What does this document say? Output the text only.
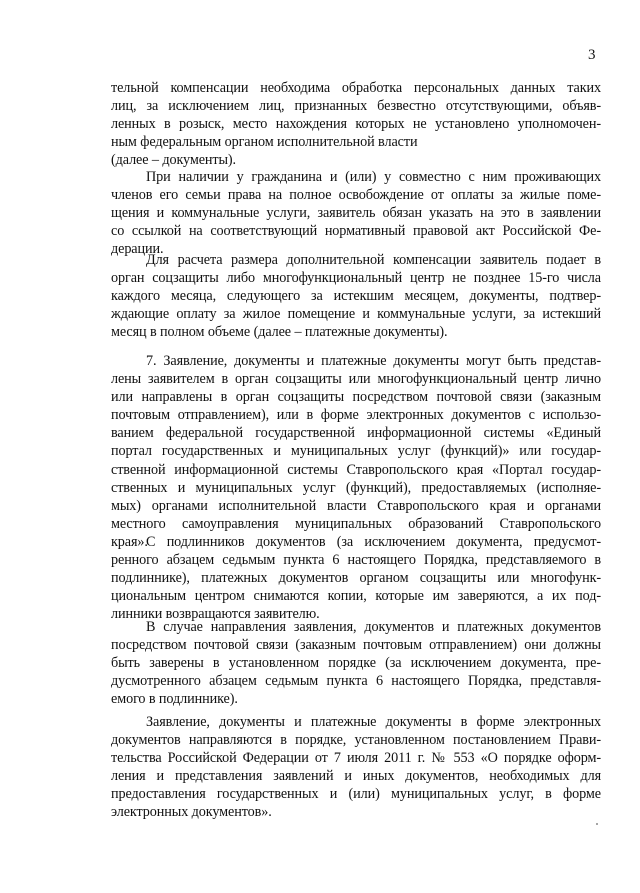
3
тельной компенсации необходима обработка персональных данных таких
лиц, за исключением лиц, признанных безвестно отсутствующими, объяв-
ленных в розыск, место нахождения которых не установлено уполномочен-
ным федеральным органом исполнительной власти
(далее – документы).
При наличии у гражданина и (или) у совместно с ним проживающих
членов его семьи права на полное освобождение от оплаты за жилые поме-
щения и коммунальные услуги, заявитель обязан указать на это в заявлении
со ссылкой на соответствующий нормативный правовой акт Российской Фе-
дерации.
Для расчета размера дополнительной компенсации заявитель подает в
орган соцзащиты либо многофункциональный центр не позднее 15-го числа
каждого месяца, следующего за истекшим месяцем, документы, подтвер-
ждающие оплату за жилое помещение и коммунальные услуги, за истекший
месяц в полном объеме (далее – платежные документы).
7. Заявление, документы и платежные документы могут быть представ-
лены заявителем в орган соцзащиты или многофункциональный центр лично
или направлены в орган соцзащиты посредством почтовой связи (заказным
почтовым отправлением), или в форме электронных документов с использо-
ванием федеральной государственной информационной системы «Единый
портал государственных и муниципальных услуг (функций)» или государ-
ственной информационной системы Ставропольского края «Портал государ-
ственных и муниципальных услуг (функций), предоставляемых (исполняе-
мых) органами исполнительной власти Ставропольского края и органами
местного самоуправления муниципальных образований Ставропольского
края».
С подлинников документов (за исключением документа, предусмот-
ренного абзацем седьмым пункта 6 настоящего Порядка, представляемого в
подлиннике), платежных документов органом соцзащиты или многофунк-
циональным центром снимаются копии, которые им заверяются, а их под-
линники возвращаются заявителю.
В случае направления заявления, документов и платежных документов
посредством почтовой связи (заказным почтовым отправлением) они должны
быть заверены в установленном порядке (за исключением документа, пре-
дусмотренного абзацем седьмым пункта 6 настоящего Порядка, представля-
емого в подлиннике).
Заявление, документы и платежные документы в форме электронных
документов направляются в порядке, установленном постановлением Прави-
тельства Российской Федерации от 7 июля 2011 г. № 553 «О порядке оформ-
ления и представления заявлений и иных документов, необходимых для
предоставления государственных и (или) муниципальных услуг, в форме
электронных документов».
